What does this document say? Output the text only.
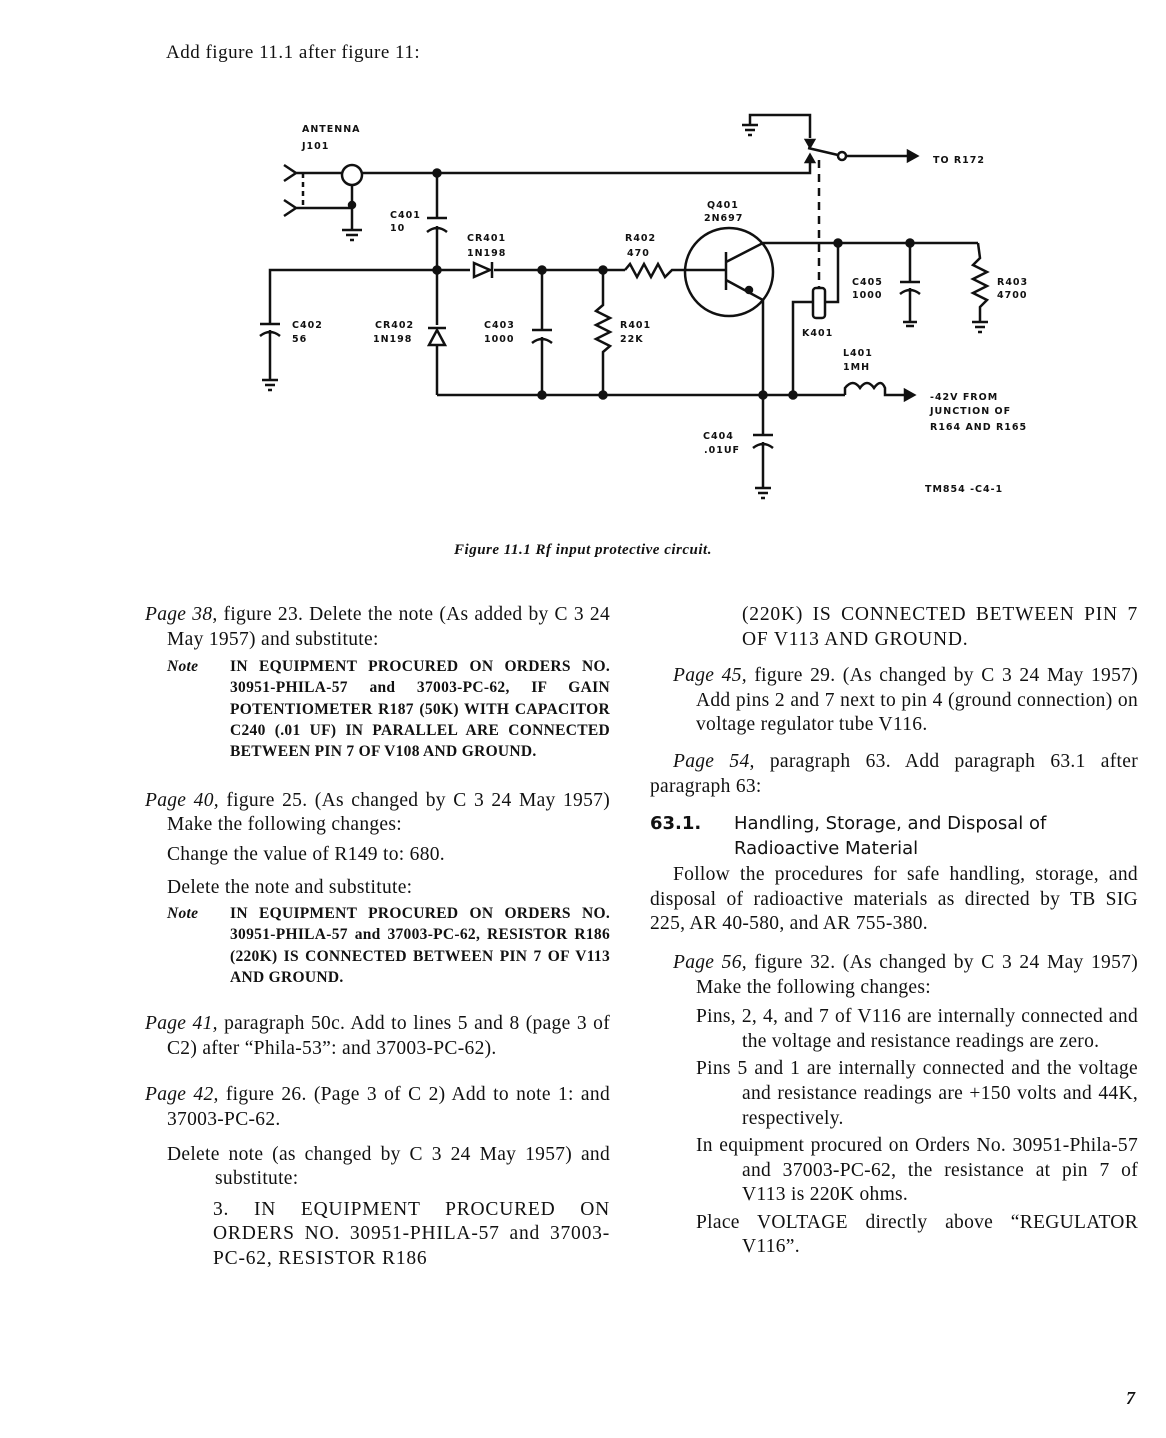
Add figure 11.1 after figure 11:
ANTENNA
J101
C401
10
CR401
1N198
R402
470
Q401
2N697
TO R172
C402
56
CR402
1N198
C403
1000
R401
22K
C405
1000
R403
4700
K401
L401
1MH
-42V FROM
JUNCTION OF
R164 AND R165
C404
.01UF
TM854 -C4-1
Figure 11.1 Rf input protective circuit.
Page 38, figure 23. Delete the note (As added by C 3 24 May 1957) and substitute:
Note IN EQUIPMENT PROCURED ON ORDERS NO. 30951-PHILA-57 and 37003-PC-62, IF GAIN POTENTIOMETER R187 (50K) WITH CAPACITOR C240 (.01 UF) IN PARALLEL ARE CONNECTED BETWEEN PIN 7 OF V108 AND GROUND.
Page 40, figure 25. (As changed by C 3 24 May 1957) Make the following changes:
Change the value of R149 to: 680.
Delete the note and substitute:
Note IN EQUIPMENT PROCURED ON ORDERS NO. 30951-PHILA-57 and 37003-PC-62, RESISTOR R186 (220K) IS CONNECTED BETWEEN PIN 7 OF V113 AND GROUND.
Page 41, paragraph 50c. Add to lines 5 and 8 (page 3 of C2) after “Phila-53”: and 37003-PC-62).
Page 42, figure 26. (Page 3 of C 2) Add to note 1: and 37003-PC-62.
Delete note (as changed by C 3 24 May 1957) and substitute:
3. IN EQUIPMENT PROCURED ON ORDERS NO. 30951-PHILA-57 and 37003-PC-62, RESISTOR R186
(220K) IS CONNECTED BETWEEN PIN 7 OF V113 AND GROUND.
Page 45, figure 29. (As changed by C 3 24 May 1957) Add pins 2 and 7 next to pin 4 (ground connection) on voltage regulator tube V116.
Page 54, paragraph 63. Add paragraph 63.1 after paragraph 63:
63.1. Handling, Storage, and Disposal of Radioactive Material
Follow the procedures for safe handling, storage, and disposal of radioactive materials as directed by TB SIG 225, AR 40-580, and AR 755-380.
Page 56, figure 32. (As changed by C 3 24 May 1957) Make the following changes:
Pins, 2, 4, and 7 of V116 are internally connected and the voltage and resistance readings are zero.
Pins 5 and 1 are internally connected and the voltage and resistance readings are +150 volts and 44K, respectively.
In equipment procured on Orders No. 30951-Phila-57 and 37003-PC-62, the resistance at pin 7 of V113 is 220K ohms.
Place VOLTAGE directly above “REGULATOR V116”.
7
